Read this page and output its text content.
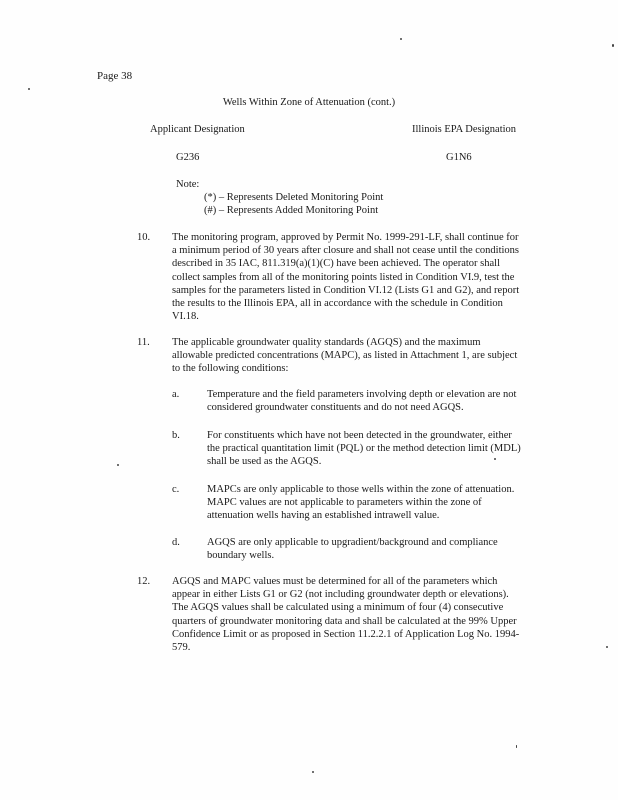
Page 38
Wells Within Zone of Attenuation (cont.)
Applicant Designation	Illinois EPA Designation
G236	G1N6
Note:
(*) – Represents Deleted Monitoring Point
(#) – Represents Added Monitoring Point
10. The monitoring program, approved by Permit No. 1999-291-LF, shall continue for
a minimum period of 30 years after closure and shall not cease until the conditions
described in 35 IAC, 811.319(a)(1)(C) have been achieved. The operator shall
collect samples from all of the monitoring points listed in Condition VI.9, test the
samples for the parameters listed in Condition VI.12 (Lists G1 and G2), and report
the results to the Illinois EPA, all in accordance with the schedule in Condition
VI.18.
11. The applicable groundwater quality standards (AGQS) and the maximum
allowable predicted concentrations (MAPC), as listed in Attachment 1, are subject
to the following conditions:
a.	Temperature and the field parameters involving depth or elevation are not
considered groundwater constituents and do not need AGQS.
b.	For constituents which have not been detected in the groundwater, either
the practical quantitation limit (PQL) or the method detection limit (MDL)
shall be used as the AGQS.
c.	MAPCs are only applicable to those wells within the zone of attenuation.
MAPC values are not applicable to parameters within the zone of
attenuation wells having an established intrawell value.
d.	AGQS are only applicable to upgradient/background and compliance
boundary wells.
12. AGQS and MAPC values must be determined for all of the parameters which
appear in either Lists G1 or G2 (not including groundwater depth or elevations).
The AGQS values shall be calculated using a minimum of four (4) consecutive
quarters of groundwater monitoring data and shall be calculated at the 99% Upper
Confidence Limit or as proposed in Section 11.2.2.1 of Application Log No. 1994-
579.
